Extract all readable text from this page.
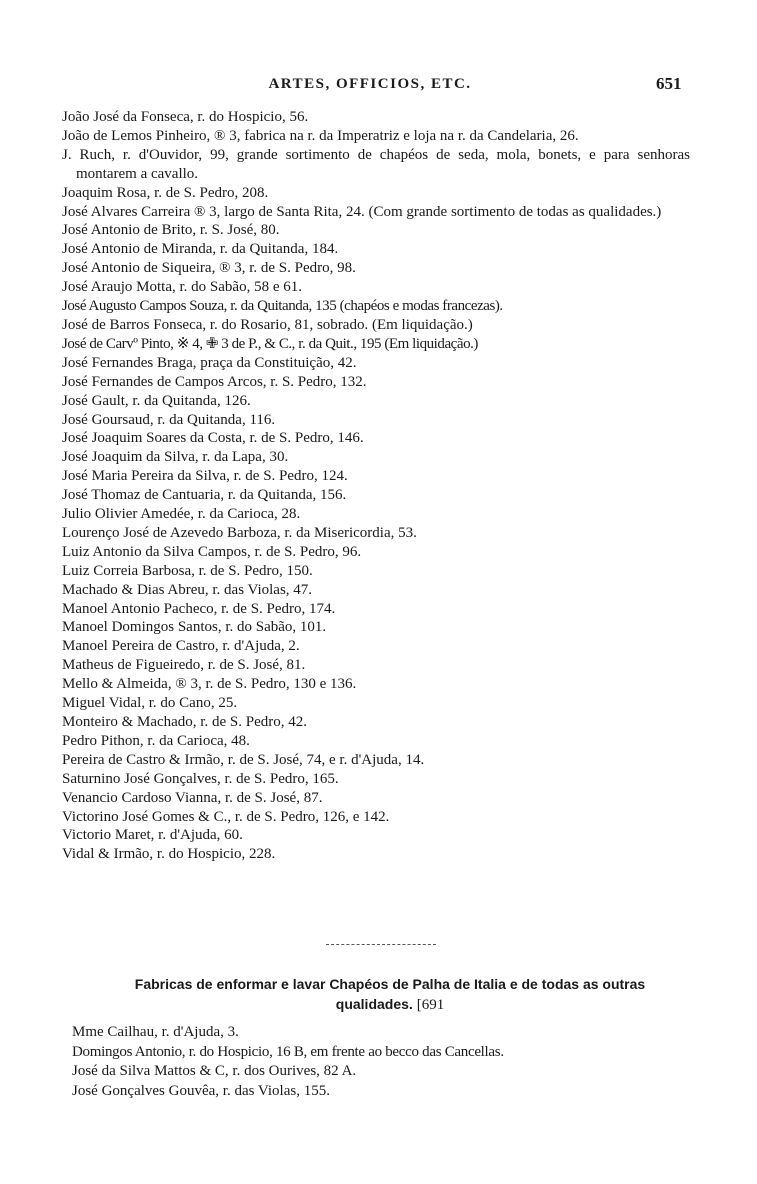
ARTES, OFFICIOS, ETC.	651
João José da Fonseca, r. do Hospicio, 56.
João de Lemos Pinheiro, ® 3, fabrica na r. da Imperatriz e loja na r. da Candelaria, 26.
J. Ruch, r. d'Ouvidor, 99, grande sortimento de chapéos de seda, mola, bonets, e para senhoras montarem a cavallo.
Joaquim Rosa, r. de S. Pedro, 208.
José Alvares Carreira ® 3, largo de Santa Rita, 24. (Com grande sortimento de todas as qualidades.)
José Antonio de Brito, r. S. José, 80.
José Antonio de Miranda, r. da Quitanda, 184.
José Antonio de Siqueira, ® 3, r. de S. Pedro, 98.
José Araujo Motta, r. do Sabão, 58 e 61.
José Augusto Campos Souza, r. da Quitanda, 135 (chapéos e modas francezas).
José de Barros Fonseca, r. do Rosario, 81, sobrado. (Em liquidação.)
José de Carvº Pinto, ※ 4, ✙ 3 de P., & C., r. da Quit., 195 (Em liquidação.)
José Fernandes Braga, praça da Constituição, 42.
José Fernandes de Campos Arcos, r. S. Pedro, 132.
José Gault, r. da Quitanda, 126.
José Goursaud, r. da Quitanda, 116.
José Joaquim Soares da Costa, r. de S. Pedro, 146.
José Joaquim da Silva, r. da Lapa, 30.
José Maria Pereira da Silva, r. de S. Pedro, 124.
José Thomaz de Cantuaria, r. da Quitanda, 156.
Julio Olivier Amedée, r. da Carioca, 28.
Lourenço José de Azevedo Barboza, r. da Misericordia, 53.
Luiz Antonio da Silva Campos, r. de S. Pedro, 96.
Luiz Correia Barbosa, r. de S. Pedro, 150.
Machado & Dias Abreu, r. das Violas, 47.
Manoel Antonio Pacheco, r. de S. Pedro, 174.
Manoel Domingos Santos, r. do Sabão, 101.
Manoel Pereira de Castro, r. d'Ajuda, 2.
Matheus de Figueiredo, r. de S. José, 81.
Mello & Almeida, ® 3, r. de S. Pedro, 130 e 136.
Miguel Vidal, r. do Cano, 25.
Monteiro & Machado, r. de S. Pedro, 42.
Pedro Pithon, r. da Carioca, 48.
Pereira de Castro & Irmão, r. de S. José, 74, e r. d'Ajuda, 14.
Saturnino José Gonçalves, r. de S. Pedro, 165.
Venancio Cardoso Vianna, r. de S. José, 87.
Victorino José Gomes & C., r. de S. Pedro, 126, e 142.
Victorio Maret, r. d'Ajuda, 60.
Vidal & Irmão, r. do Hospicio, 228.
Fabricas de enformar e lavar Chapéos de Palha de Italia e de todas as outras qualidades. [691
Mme Cailhau, r. d'Ajuda, 3.
Domingos Antonio, r. do Hospicio, 16 B, em frente ao becco das Cancellas.
José da Silva Mattos & C, r. dos Ourives, 82 A.
José Gonçalves Gouvêa, r. das Violas, 155.
